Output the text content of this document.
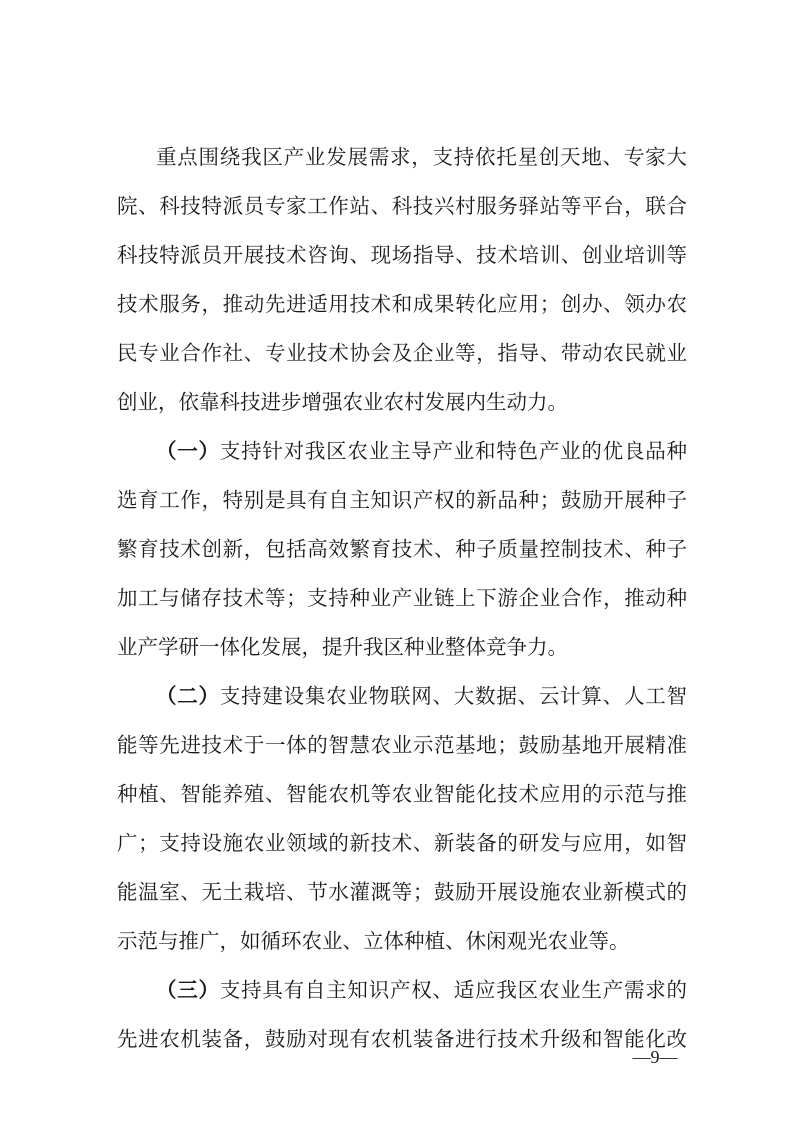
重点围绕我区产业发展需求，支持依托星创天地、专家大
院、科技特派员专家工作站、科技兴村服务驿站等平台，联合
科技特派员开展技术咨询、现场指导、技术培训、创业培训等
技术服务，推动先进适用技术和成果转化应用；创办、领办农
民专业合作社、专业技术协会及企业等，指导、带动农民就业
创业，依靠科技进步增强农业农村发展内生动力。
（一）支持针对我区农业主导产业和特色产业的优良品种
选育工作，特别是具有自主知识产权的新品种；鼓励开展种子
繁育技术创新，包括高效繁育技术、种子质量控制技术、种子
加工与储存技术等；支持种业产业链上下游企业合作，推动种
业产学研一体化发展，提升我区种业整体竞争力。
（二）支持建设集农业物联网、大数据、云计算、人工智
能等先进技术于一体的智慧农业示范基地；鼓励基地开展精准
种植、智能养殖、智能农机等农业智能化技术应用的示范与推
广；支持设施农业领域的新技术、新装备的研发与应用，如智
能温室、无土栽培、节水灌溉等；鼓励开展设施农业新模式的
示范与推广，如循环农业、立体种植、休闲观光农业等。
（三）支持具有自主知识产权、适应我区农业生产需求的
先进农机装备，鼓励对现有农机装备进行技术升级和智能化改
—9—
